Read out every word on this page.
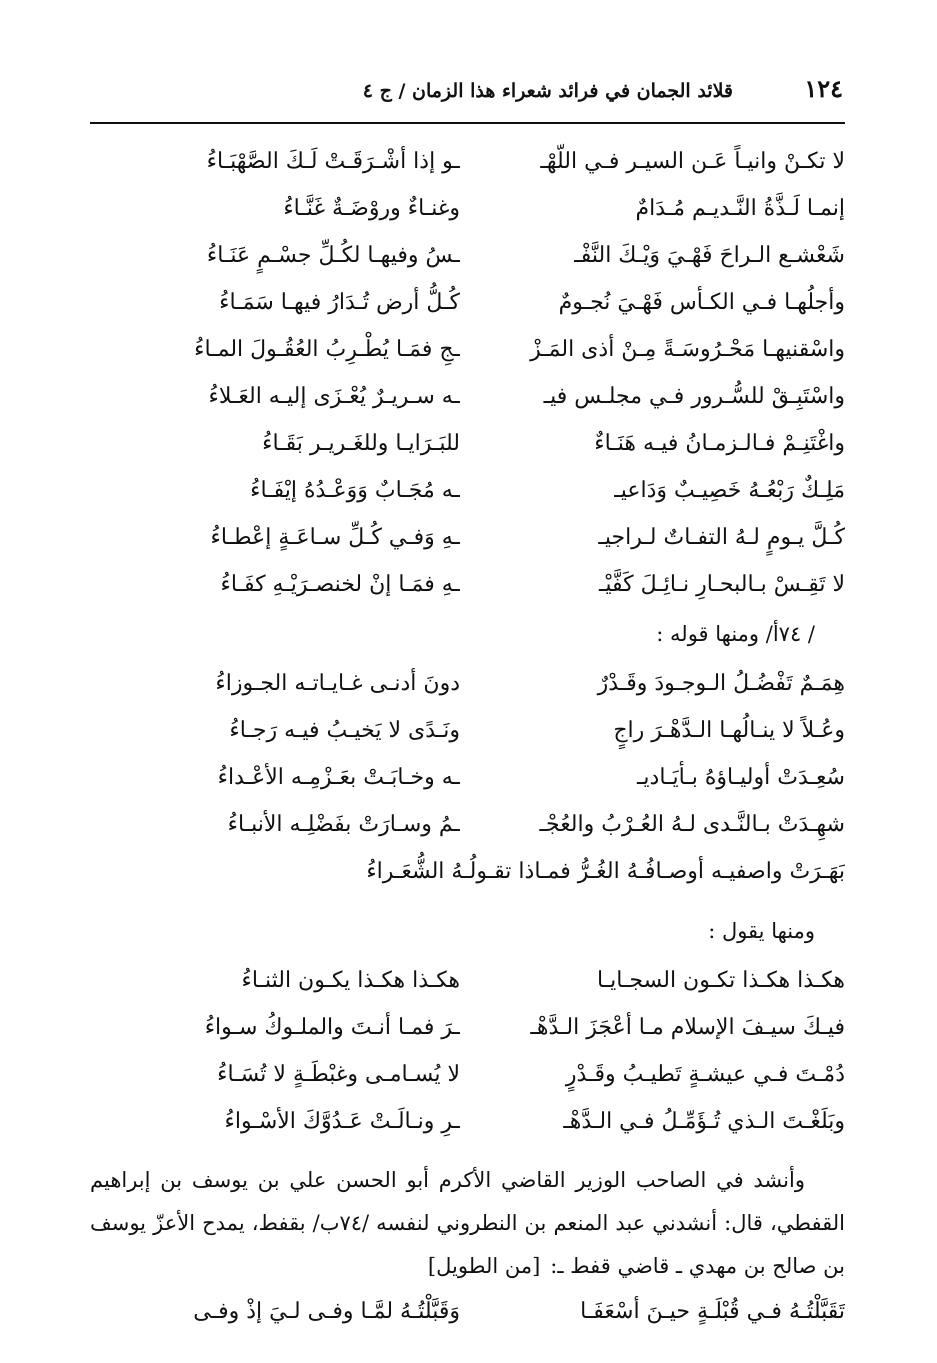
١٢٤
قلائد الجمان في فرائد شعراء هذا الزمان / ج ٤
لا تكـنْ وانيـاً عَـن السيـر فـي اللّهْـ
ـو إذا أشْـرَقَـتْ لَـكَ الصَّهْبَـاءُ
إنمـا لَـذَّةُ النَّـديـم مُـدَامٌ
وغنـاءٌ وروْضَـةٌ غَنَّـاءُ
شَعْشـع الـراحَ فَهْـيَ وَيْـكَ النَّفْـ
ـسُ وفيهـا لكُـلِّ جسْـمٍ عَنَـاءُ
وأجلُهـا فـي الكـأس فَهْـيَ نُجـومٌ
كُـلُّ أرض تُـدَارُ فيهـا سَمَـاءُ
واسْقنيهـا مَحْـرُوسَـةً مِـنْ أذى المَـزْ
ـجِ فمَـا يُطْـرِبُ العُقُـولَ المـاءُ
واسْتَبِـقْ للسُّـرور فـي مجلـس فيـ
ـه سـريـرٌ يُعْـزَى إليـه العَـلاءُ
واغْتَنِـمْ فـالـزمـانُ فيـه هَنَـاءٌ
للبَـرَايـا وللغَـريـر بَقَـاءُ
مَلِـكٌ رَبْعُـهُ خَصِيـبٌ وَدَاعيـ
ـه مُجَـابٌ وَوَعْـدُهُ إيْفَـاءُ
كُـلَّ يـومٍ لـهُ التفـاتٌ لـراجيـ
ـهِ وَفـي كُـلِّ سـاعَـةٍ إعْطـاءُ
لا تَقِـسْ بـالبحـارِ نـائِـلَ كَفَّيْـ
ـهِ فمَـا إنْ لخنصـرَيْـهِ كفَـاءُ
/ ٧٤أ/ ومنها قوله :
هِمَـمٌ تَفْضُـلُ الـوجـودَ وقَـدْرٌ
دونَ أدنـى غـايـاتـه الجـوزاءُ
وعُـلاً لا ينـالُهـا الـدَّهْـرَ راجٍ
ونَـدًى لا يَخيـبُ فيـه رَجـاءُ
سُعِـدَتْ أوليـاؤهُ بـأيَـاديـ
ـه وخـابَـتْ بعَـزْمِـه الأعْـداءُ
شهِـدَتْ بـالنَّـدى لـهُ العُـرْبُ والعُجْـ
ـمُ وسـارَتْ بفَضْلِـه الأنبـاءُ
بَهَـرَتْ واصفيـه أوصـافُـهُ الغُـرُّ فمـاذا تقـولُـهُ الشُّعَـراءُ
ومنها يقول :
هكـذا هكـذا تكـون السجـايـا
هكـذا هكـذا يكـون الثنـاءُ
فيـكَ سيـفَ الإسلام مـا أعْجَزَ الـدَّهْـ
ـرَ فمـا أنـتَ والملـوكُ سـواءُ
دُمْـتَ فـي عيشـةٍ تَطيـبُ وقَـدْرٍ
لا يُسـامـى وغبْطَـةٍ لا تُسَـاءُ
وبَلَغْـتَ الـذي تُـؤَمِّـلُ فـي الـدَّهْـ
ـرِ ونـالَـتْ عَـدُوَّكَ الأسْـواءُ
وأنشد في الصاحب الوزير القاضي الأكرم أبو الحسن علي بن يوسف بن إبراهيم القفطي، قال: أنشدني عبد المنعم بن النطروني لنفسه /٧٤ب/ بقفط، يمدح الأعزّ يوسف بن صالح بن مهدي ـ قاضي قفط ـ:[من الطويل]
تَقَبَّلْتُـهُ فـي قُبْلَـةٍ حيـنَ أسْعَفَـا
وَقَبَّلْتُـهُ لمَّـا وفـى لـيَ إذْ وفـى
